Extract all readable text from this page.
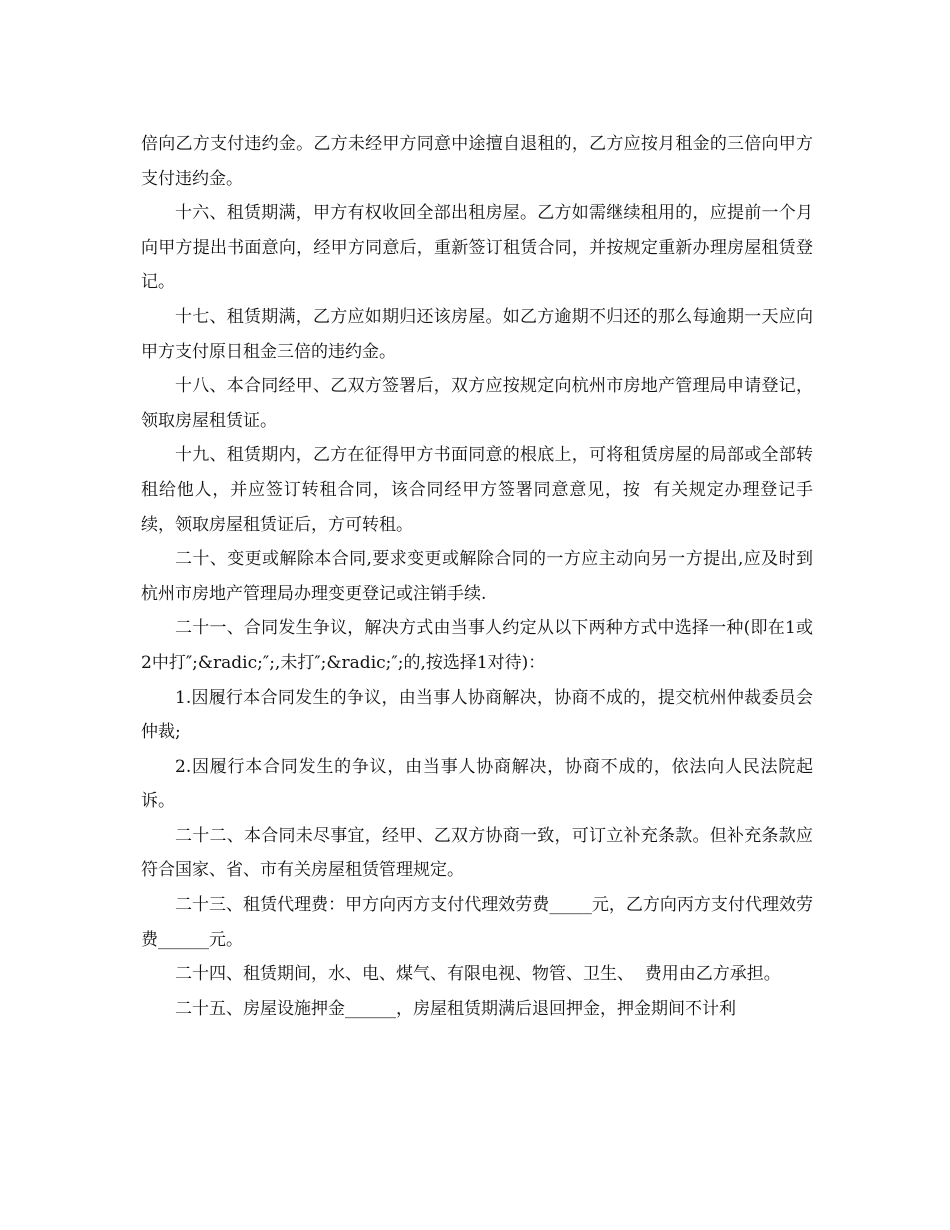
倍向乙方支付违约金。乙方未经甲方同意中途擅自退租的，乙方应按月租金的三倍向甲方支付违约金。

十六、租赁期满，甲方有权收回全部出租房屋。乙方如需继续租用的，应提前一个月向甲方提出书面意向，经甲方同意后，重新签订租赁合同，并按规定重新办理房屋租赁登记。

十七、租赁期满，乙方应如期归还该房屋。如乙方逾期不归还的那么每逾期一天应向甲方支付原日租金三倍的违约金。

十八、本合同经甲、乙双方签署后，双方应按规定向杭州市房地产管理局申请登记，领取房屋租赁证。

十九、租赁期内，乙方在征得甲方书面同意的根底上，可将租赁房屋的局部或全部转租给他人，并应签订转租合同，该合同经甲方签署同意意见，按  有关规定办理登记手续，领取房屋租赁证后，方可转租。

二十、变更或解除本合同,要求变更或解除合同的一方应主动向另一方提出,应及时到杭州市房地产管理局办理变更登记或注销手续.

二十一、合同发生争议，解决方式由当事人约定从以下两种方式中选择一种(即在1或2中打″;&radic;″;,未打″;&radic;″;的,按选择1对待)：

1.因履行本合同发生的争议，由当事人协商解决，协商不成的，提交杭州仲裁委员会仲裁;

2.因履行本合同发生的争议，由当事人协商解决，协商不成的，依法向人民法院起诉。

二十二、本合同未尽事宜，经甲、乙双方协商一致，可订立补充条款。但补充条款应符合国家、省、市有关房屋租赁管理规定。

二十三、租赁代理费：甲方向丙方支付代理效劳费_____元，乙方向丙方支付代理效劳费______元。

二十四、租赁期间，水、电、煤气、有限电视、物管、卫生、  费用由乙方承担。

二十五、房屋设施押金______，房屋租赁期满后退回押金，押金期间不计利
